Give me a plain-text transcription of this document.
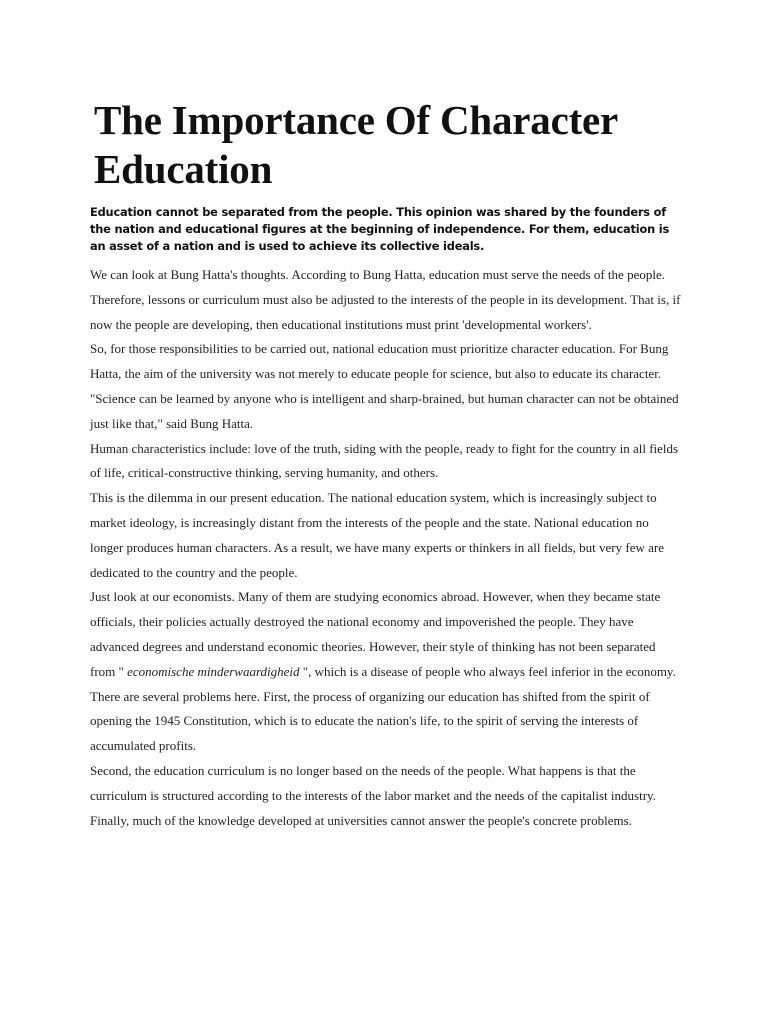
The Importance Of Character Education

Education cannot be separated from the people. This opinion was shared by the founders of the nation and educational figures at the beginning of independence. For them, education is an asset of a nation and is used to achieve its collective ideals.

We can look at Bung Hatta's thoughts. According to Bung Hatta, education must serve the needs of the people. Therefore, lessons or curriculum must also be adjusted to the interests of the people in its development. That is, if now the people are developing, then educational institutions must print 'developmental workers'.

So, for those responsibilities to be carried out, national education must prioritize character education. For Bung Hatta, the aim of the university was not merely to educate people for science, but also to educate its character. "Science can be learned by anyone who is intelligent and sharp-brained, but human character can not be obtained just like that," said Bung Hatta.

Human characteristics include: love of the truth, siding with the people, ready to fight for the country in all fields of life, critical-constructive thinking, serving humanity, and others.

This is the dilemma in our present education. The national education system, which is increasingly subject to market ideology, is increasingly distant from the interests of the people and the state. National education no longer produces human characters. As a result, we have many experts or thinkers in all fields, but very few are dedicated to the country and the people.

Just look at our economists. Many of them are studying economics abroad. However, when they became state officials, their policies actually destroyed the national economy and impoverished the people. They have advanced degrees and understand economic theories. However, their style of thinking has not been separated from " economische minderwaardigheid ", which is a disease of people who always feel inferior in the economy.

There are several problems here. First, the process of organizing our education has shifted from the spirit of opening the 1945 Constitution, which is to educate the nation's life, to the spirit of serving the interests of accumulated profits.

Second, the education curriculum is no longer based on the needs of the people. What happens is that the curriculum is structured according to the interests of the labor market and the needs of the capitalist industry. Finally, much of the knowledge developed at universities cannot answer the people's concrete problems.
